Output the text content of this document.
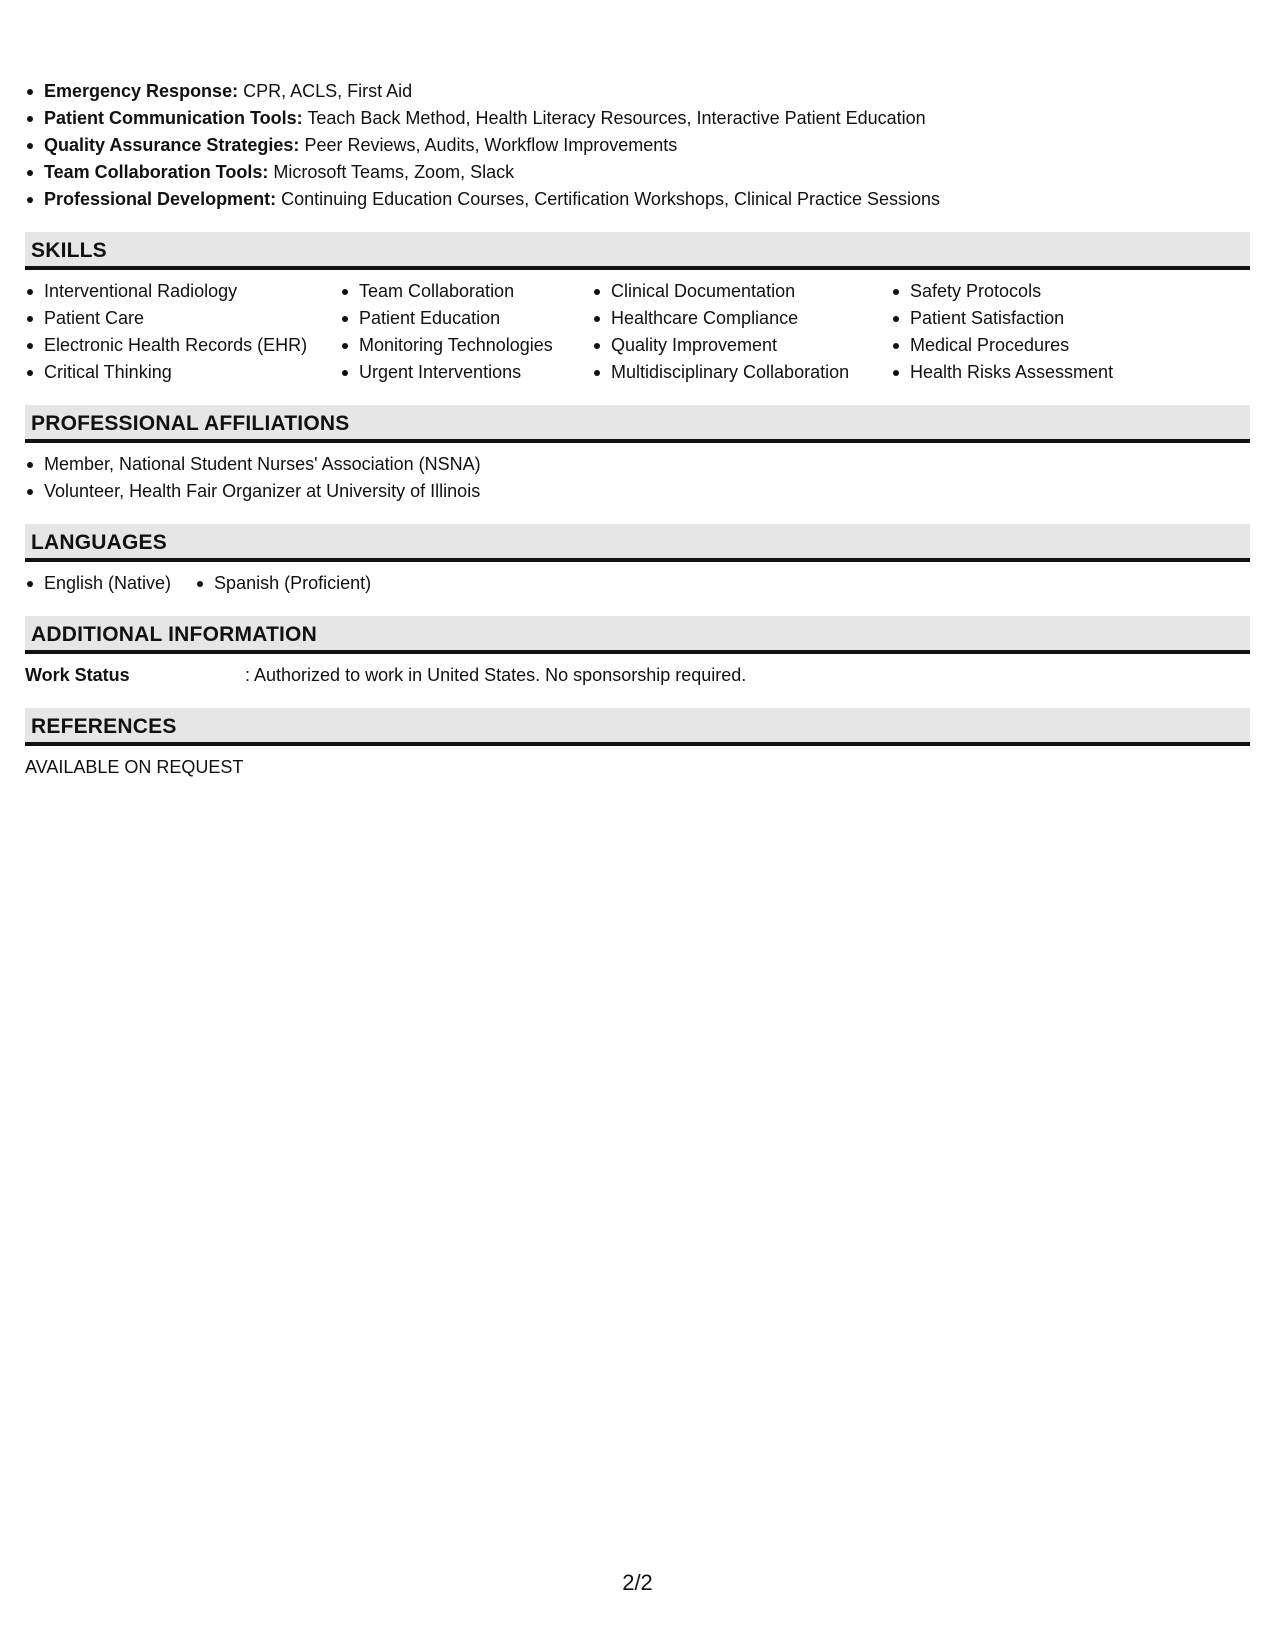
Emergency Response: CPR, ACLS, First Aid
Patient Communication Tools: Teach Back Method, Health Literacy Resources, Interactive Patient Education
Quality Assurance Strategies: Peer Reviews, Audits, Workflow Improvements
Team Collaboration Tools: Microsoft Teams, Zoom, Slack
Professional Development: Continuing Education Courses, Certification Workshops, Clinical Practice Sessions
SKILLS
Interventional Radiology
Patient Care
Electronic Health Records (EHR)
Critical Thinking
Team Collaboration
Patient Education
Monitoring Technologies
Urgent Interventions
Clinical Documentation
Healthcare Compliance
Quality Improvement
Multidisciplinary Collaboration
Safety Protocols
Patient Satisfaction
Medical Procedures
Health Risks Assessment
PROFESSIONAL AFFILIATIONS
Member, National Student Nurses' Association (NSNA)
Volunteer, Health Fair Organizer at University of Illinois
LANGUAGES
English (Native)	Spanish (Proficient)
ADDITIONAL INFORMATION
Work Status	: Authorized to work in United States. No sponsorship required.
REFERENCES
AVAILABLE ON REQUEST
2/2
